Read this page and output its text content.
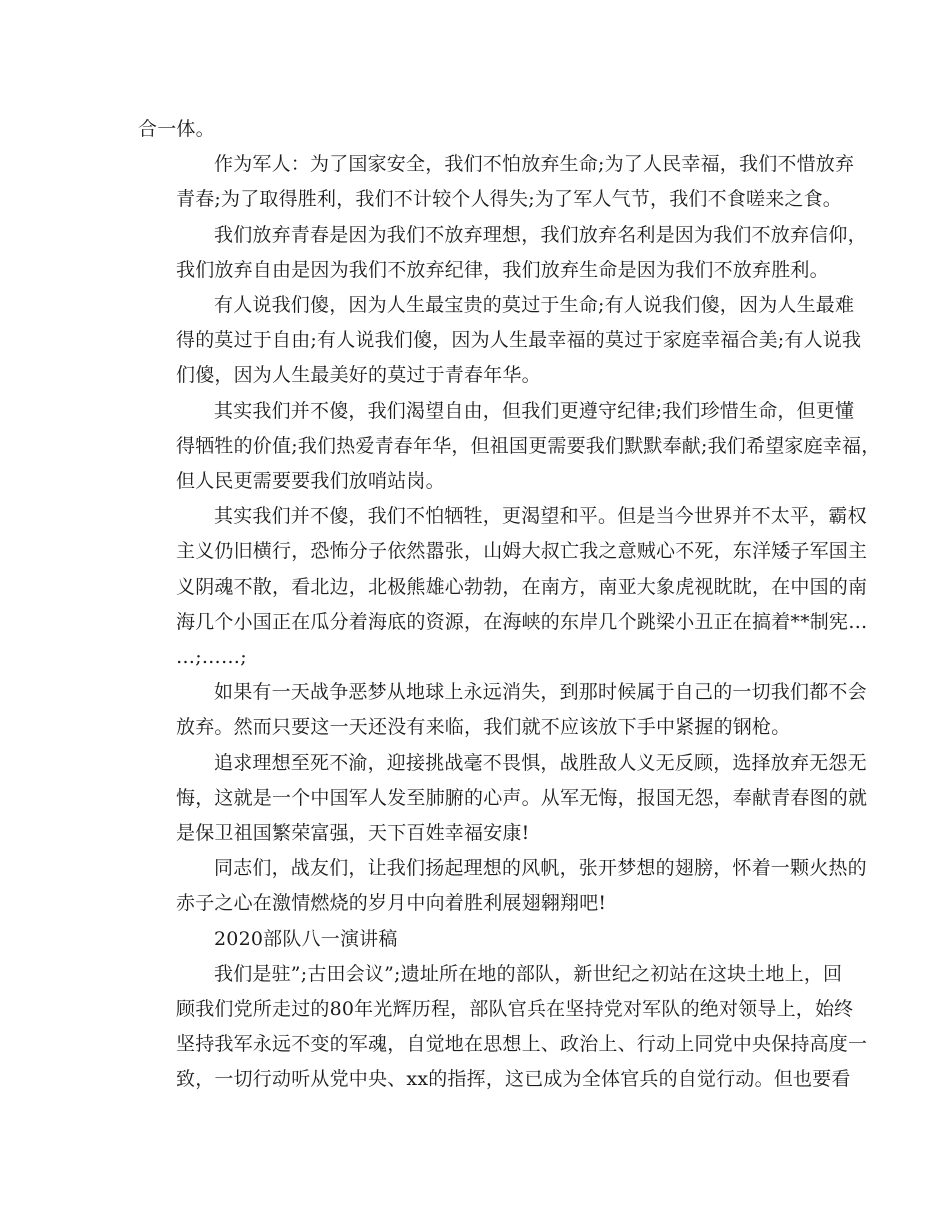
合一体。
作为军人：为了国家安全，我们不怕放弃生命;为了人民幸福，我们不惜放弃
青春;为了取得胜利，我们不计较个人得失;为了军人气节，我们不食嗟来之食。
我们放弃青春是因为我们不放弃理想，我们放弃名利是因为我们不放弃信仰，
我们放弃自由是因为我们不放弃纪律，我们放弃生命是因为我们不放弃胜利。
有人说我们傻，因为人生最宝贵的莫过于生命;有人说我们傻，因为人生最难
得的莫过于自由;有人说我们傻，因为人生最幸福的莫过于家庭幸福合美;有人说我
们傻，因为人生最美好的莫过于青春年华。
其实我们并不傻，我们渴望自由，但我们更遵守纪律;我们珍惜生命，但更懂
得牺牲的价值;我们热爱青春年华，但祖国更需要我们默默奉献;我们希望家庭幸福，
但人民更需要要我们放哨站岗。
其实我们并不傻，我们不怕牺牲，更渴望和平。但是当今世界并不太平，霸权
主义仍旧横行，恐怖分子依然嚣张，山姆大叔亡我之意贼心不死，东洋矮子军国主
义阴魂不散，看北边，北极熊雄心勃勃，在南方，南亚大象虎视眈眈，在中国的南
海几个小国正在瓜分着海底的资源，在海峡的东岸几个跳梁小丑正在搞着**制宪…
…;……;
如果有一天战争恶梦从地球上永远消失，到那时候属于自己的一切我们都不会
放弃。然而只要这一天还没有来临，我们就不应该放下手中紧握的钢枪。
追求理想至死不渝，迎接挑战毫不畏惧，战胜敌人义无反顾，选择放弃无怨无
悔，这就是一个中国军人发至肺腑的心声。从军无悔，报国无怨，奉献青春图的就
是保卫祖国繁荣富强，天下百姓幸福安康!
同志们，战友们，让我们扬起理想的风帆，张开梦想的翅膀，怀着一颗火热的
赤子之心在激情燃烧的岁月中向着胜利展翅翱翔吧!
2020部队八一演讲稿
我们是驻”;古田会议”;遗址所在地的部队，新世纪之初站在这块土地上，回
顾我们党所走过的80年光辉历程，部队官兵在坚持党对军队的绝对领导上，始终
坚持我军永远不变的军魂，自觉地在思想上、政治上、行动上同党中央保持高度一
致，一切行动听从党中央、xx的指挥，这已成为全体官兵的自觉行动。但也要看
